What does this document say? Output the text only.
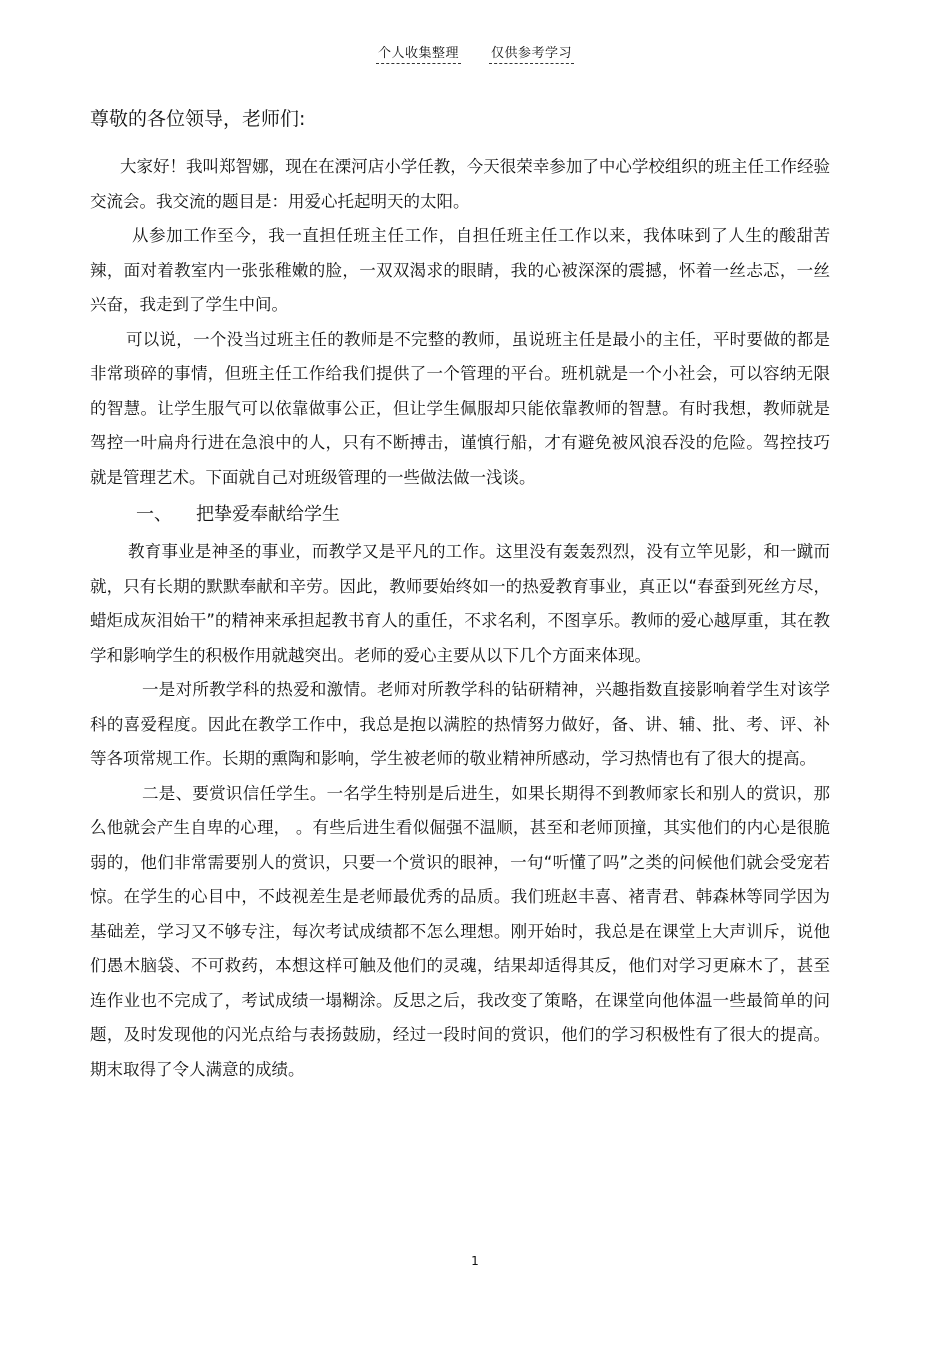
个人收集整理 仅供参考学习
尊敬的各位领导，老师们:

大家好！我叫郑智娜，现在在溧河店小学任教，今天很荣幸参加了中心学校组织的班主任工作经验交流会。我交流的题目是：用爱心托起明天的太阳。

从参加工作至今，我一直担任班主任工作，自担任班主任工作以来，我体味到了人生的酸甜苦辣，面对着教室内一张张稚嫩的脸，一双双渴求的眼睛，我的心被深深的震撼，怀着一丝忐忑，一丝兴奋，我走到了学生中间。

可以说，一个没当过班主任的教师是不完整的教师，虽说班主任是最小的主任，平时要做的都是非常琐碎的事情，但班主任工作给我们提供了一个管理的平台。班机就是一个小社会，可以容纳无限的智慧。让学生服气可以依靠做事公正，但让学生佩服却只能依靠教师的智慧。有时我想，教师就是驾控一叶扁舟行进在急浪中的人，只有不断搏击，谨慎行船，才有避免被风浪吞没的危险。驾控技巧就是管理艺术。下面就自己对班级管理的一些做法做一浅谈。

一、 把挚爱奉献给学生

教育事业是神圣的事业，而教学又是平凡的工作。这里没有轰轰烈烈，没有立竿见影，和一蹴而就，只有长期的默默奉献和辛劳。因此，教师要始终如一的热爱教育事业，真正以“春蚕到死丝方尽，蜡炬成灰泪始干”的精神来承担起教书育人的重任，不求名利，不图享乐。教师的爱心越厚重，其在教学和影响学生的积极作用就越突出。老师的爱心主要从以下几个方面来体现。

一是对所教学科的热爱和激情。老师对所教学科的钻研精神，兴趣指数直接影响着学生对该学科的喜爱程度。因此在教学工作中，我总是抱以满腔的热情努力做好，备、讲、辅、批、考、评、补等各项常规工作。长期的熏陶和影响，学生被老师的敬业精神所感动，学习热情也有了很大的提高。

二是、要赏识信任学生。一名学生特别是后进生，如果长期得不到教师家长和别人的赏识，那么他就会产生自卑的心理， 。有些后进生看似倔强不温顺，甚至和老师顶撞，其实他们的内心是很脆弱的，他们非常需要别人的赏识，只要一个赏识的眼神，一句“听懂了吗”之类的问候他们就会受宠若惊。在学生的心目中，不歧视差生是老师最优秀的品质。我们班赵丰喜、褚青君、韩森林等同学因为基础差，学习又不够专注，每次考试成绩都不怎么理想。刚开始时，我总是在课堂上大声训斥，说他们愚木脑袋、不可救药，本想这样可触及他们的灵魂，结果却适得其反，他们对学习更麻木了，甚至连作业也不完成了，考试成绩一塌糊涂。反思之后，我改变了策略，在课堂向他体温一些最简单的问题，及时发现他的闪光点给与表扬鼓励，经过一段时间的赏识，他们的学习积极性有了很大的提高。期末取得了令人满意的成绩。

1
